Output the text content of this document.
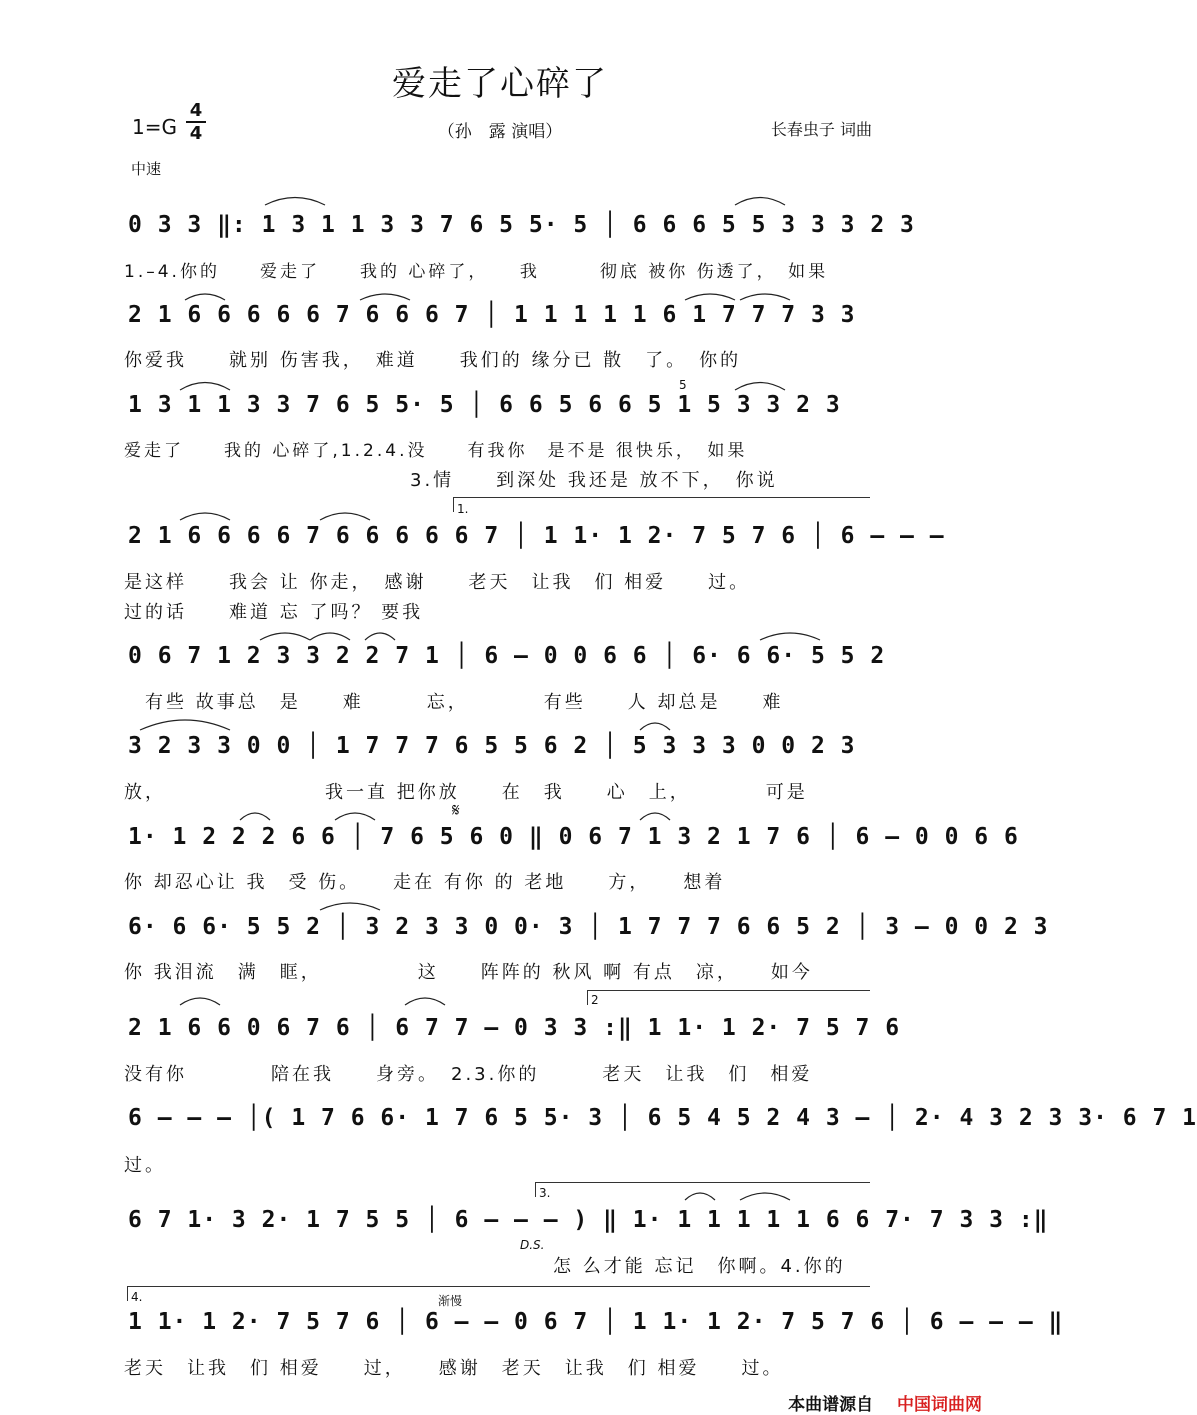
爱走了心碎了
1=G
4
4	（孙　露 演唱）	长春虫子 词曲
中速
0 3 3 ‖: 1 3 1 1 3 3 7 6 5 5· 5 │ 6 6 6 5 5 3 3 3 2 3
1.–4.你的　　爱走了　　我的 心碎了，　　我　　　彻底 被你 伤透了，　如果
2 1 6 6 6 6 6 7 6 6 6 7 │ 1 1 1 1 1 6 1 7 7 7 3 3
你爱我　　就别 伤害我，　难道　　我们的 缘分已 散　了。　你的
5
1 3 1 1 3 3 7 6 5 5· 5 │ 6 6 5 6 6 5 1 5 3 3 2 3
爱走了　　我的 心碎了,1.2.4.没　　有我你　是不是 很快乐，　如果
3.情　　到深处 我还是 放不下，　你说
1.
2 1 6 6 6 6 7 6 6 6 6 6 7 │ 1 1· 1 2· 7 5 7 6 │ 6 – – –
是这样　　我会 让 你走，　感谢　　老天　让我　们 相爱　　过。
过的话　　难道 忘 了吗？ 要我
0 6 7 1 2 3 3 2 2 7 1 │ 6 – 0 0 6 6 │ 6· 6 6· 5 5 2
有些 故事总　是　　难　　　忘，　　　　有些　　人 却总是　　难
3 2 3 3 0 0 │ 1 7 7 7 6 5 5 6 2 │ 5 3 3 3 0 0 2 3
放，　　　　　　　　我一直 把你放　　在　我　　心　上，　　　　可是
𝄋
1· 1 2 2 2 6 6 │ 7 6 5 6 0 ‖ 0 6 7 1 3 2 1 7 6 │ 6 – 0 0 6 6
你 却忍心让 我　受 伤。　　走在 有你 的 老地　　方，　　想着
6· 6 6· 5 5 2 │ 3 2 3 3 0 0· 3 │ 1 7 7 7 6 6 5 2 │ 3 – 0 0 2 3
你 我泪流　满　眶，　　　　　这　　阵阵的 秋风 啊 有点　凉，　　如今
2
2 1 6 6 0 6 7 6 │ 6 7 7 – 0 3 3 :‖ 1 1· 1 2· 7 5 7 6
没有你　　　　陪在我　　身旁。　2.3.你的　　　老天　让我　们　相爱
6 – – – │( 1 7 6 6· 1 7 6 5 5· 3 │ 6 5 4 5 2 4 3 – │ 2· 4 3 2 3 3· 6 7 1
过。
3.
6 7 1· 3 2· 1 7 5 5 │ 6 – – – ) ‖ 1· 1 1 1 1 1 6 6 7· 7 3 3 :‖
D.S.
怎 么才能 忘记　你啊。4.你的
4.	渐慢
1 1· 1 2· 7 5 7 6 │ 6 – – 0 6 7 │ 1 1· 1 2· 7 5 7 6 │ 6 – – – ‖
老天　让我　们 相爱　　过，　　感谢　老天　让我　们 相爱　　过。
本曲谱源自 中国词曲网
